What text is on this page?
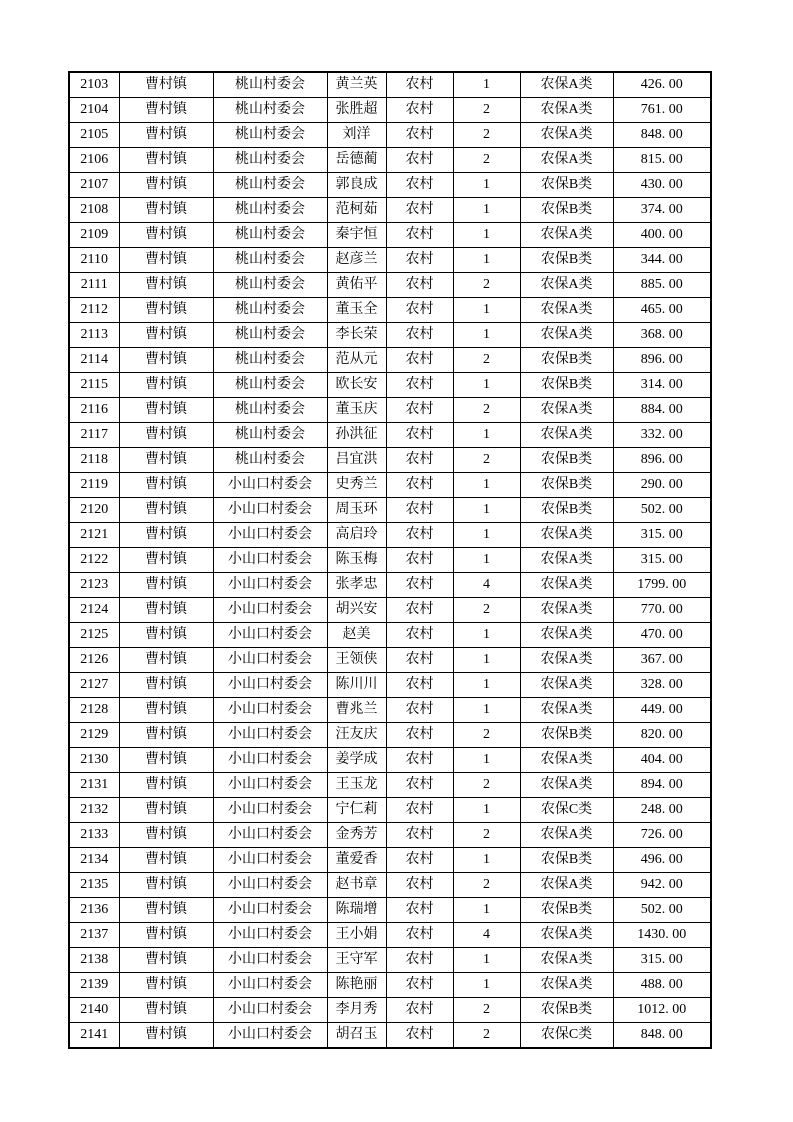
2103	曹村镇	桃山村委会	黄兰英	农村	1	农保A类	426. 00
2104	曹村镇	桃山村委会	张胜超	农村	2	农保A类	761. 00
2105	曹村镇	桃山村委会	刘洋	农村	2	农保A类	848. 00
2106	曹村镇	桃山村委会	岳德蔺	农村	2	农保A类	815. 00
2107	曹村镇	桃山村委会	郭良成	农村	1	农保B类	430. 00
2108	曹村镇	桃山村委会	范柯茹	农村	1	农保B类	374. 00
2109	曹村镇	桃山村委会	秦宇恒	农村	1	农保A类	400. 00
2110	曹村镇	桃山村委会	赵彦兰	农村	1	农保B类	344. 00
2111	曹村镇	桃山村委会	黄佑平	农村	2	农保A类	885. 00
2112	曹村镇	桃山村委会	董玉全	农村	1	农保A类	465. 00
2113	曹村镇	桃山村委会	李长荣	农村	1	农保A类	368. 00
2114	曹村镇	桃山村委会	范从元	农村	2	农保B类	896. 00
2115	曹村镇	桃山村委会	欧长安	农村	1	农保B类	314. 00
2116	曹村镇	桃山村委会	董玉庆	农村	2	农保A类	884. 00
2117	曹村镇	桃山村委会	孙洪征	农村	1	农保A类	332. 00
2118	曹村镇	桃山村委会	吕宜洪	农村	2	农保B类	896. 00
2119	曹村镇	小山口村委会	史秀兰	农村	1	农保B类	290. 00
2120	曹村镇	小山口村委会	周玉环	农村	1	农保B类	502. 00
2121	曹村镇	小山口村委会	高启玲	农村	1	农保A类	315. 00
2122	曹村镇	小山口村委会	陈玉梅	农村	1	农保A类	315. 00
2123	曹村镇	小山口村委会	张孝忠	农村	4	农保A类	1799. 00
2124	曹村镇	小山口村委会	胡兴安	农村	2	农保A类	770. 00
2125	曹村镇	小山口村委会	赵美	农村	1	农保A类	470. 00
2126	曹村镇	小山口村委会	王领侠	农村	1	农保A类	367. 00
2127	曹村镇	小山口村委会	陈川川	农村	1	农保A类	328. 00
2128	曹村镇	小山口村委会	曹兆兰	农村	1	农保A类	449. 00
2129	曹村镇	小山口村委会	汪友庆	农村	2	农保B类	820. 00
2130	曹村镇	小山口村委会	姜学成	农村	1	农保A类	404. 00
2131	曹村镇	小山口村委会	王玉龙	农村	2	农保A类	894. 00
2132	曹村镇	小山口村委会	宁仁莉	农村	1	农保C类	248. 00
2133	曹村镇	小山口村委会	金秀芳	农村	2	农保A类	726. 00
2134	曹村镇	小山口村委会	董爱香	农村	1	农保B类	496. 00
2135	曹村镇	小山口村委会	赵书章	农村	2	农保A类	942. 00
2136	曹村镇	小山口村委会	陈瑞增	农村	1	农保B类	502. 00
2137	曹村镇	小山口村委会	王小娟	农村	4	农保A类	1430. 00
2138	曹村镇	小山口村委会	王守军	农村	1	农保A类	315. 00
2139	曹村镇	小山口村委会	陈艳丽	农村	1	农保A类	488. 00
2140	曹村镇	小山口村委会	李月秀	农村	2	农保B类	1012. 00
2141	曹村镇	小山口村委会	胡召玉	农村	2	农保C类	848. 00
